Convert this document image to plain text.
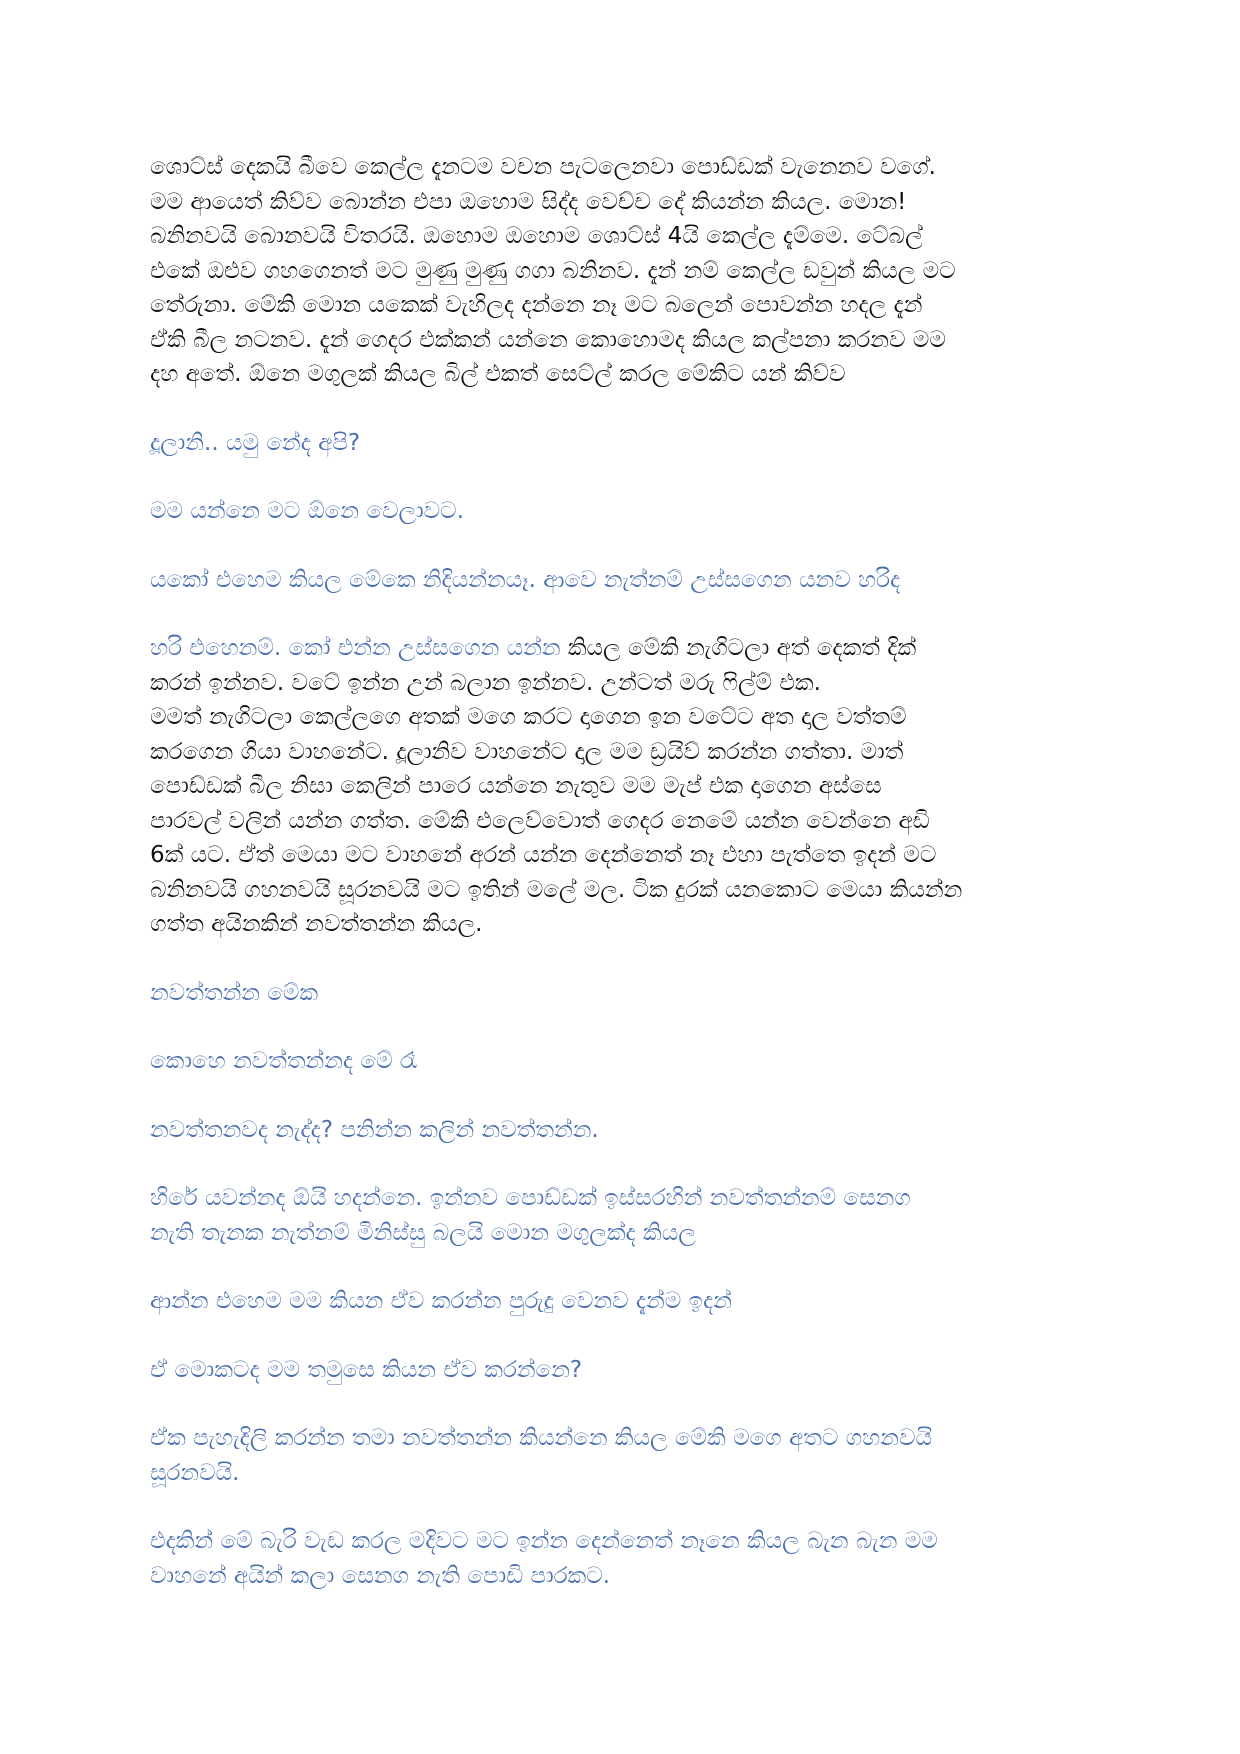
ශොට්ස් දෙකයි බීවෙ කෙල්ල දැනටම වචන පැටලෙනවා පොඩ්ඩක් වැනෙනව වගේ.
මම ආයෙත් කිව්ව බොන්න එපා ඔහොම සිද්ද වෙච්ච දේ කියන්න කියල. මොන!
බනිනවයි බොනවයි විතරයි. ඔහොම ඔහොම ශොට්ස් 4යි කෙල්ල දැම්මෙ. ටේබල්
එකේ ඔළුව ගහගෙනත් මට මුණු මුණු ගගා බනිනව. දැන් නම් කෙල්ල ඩවුන් කියල මට
තේරුනා. මේකි මොන යකෙක් වැහිලද දන්නෙ නෑ මට බලෙන් පොවන්න හදල දැන්
ඒකි බීල නටනව. දැන් ගෙදර එක්කන් යන්නෙ කොහොමද කියල කල්පනා කරනව මම
දහ අතේ. ඕනෙ මගුලක් කියල බිල් එකත් සෙට්ල් කරල මේකිට යන් කිව්ව

දූලානි.. යමු නේද අපි?

මම යන්නෙ මට ඕනෙ වෙලාවට.

යකෝ එහෙම කියල මේකෙ නිදියන්නයෑ. ආවෙ නැත්නම් උස්සගෙන යනව හරිද

හරි එහෙනම්. කෝ එන්න උස්සගෙන යන්න කියල මේකි නැගිටලා අත් දෙකත් දික්
කරන් ඉන්නව. වටේ ඉන්න උන් බලාන ඉන්නව. උන්ටත් මරු ෆිල්ම් එක.
මමත් නැගිටලා කෙල්ලගෙ අතක් මගෙ කරට දාගෙන ඉන වටේට අත දාල වත්තම්
කරගෙන ගියා වාහනේට. දූලානිව වාහනේට දාල මම ඩ්‍රයිව් කරන්න ගත්තා. මාත්
පොඩ්ඩක් බීල නිසා කෙලින් පාරෙ යන්නෙ නැතුව මම මැප් එක දාගෙන අස්සෙ
පාරවල් වලින් යන්න ගත්ත. මේකි එලෙව්වොත් ගෙදර නෙමේ යන්න වෙන්නෙ අඩි
6ක් යට. ඒත් මෙයා මට වාහනේ අරන් යන්න දෙන්නෙත් නෑ එහා පැත්තෙ ඉදන් මට
බනිනවයි ගහනවයි සූරනවයි මට ඉතින් මලේ මල. ටික දුරක් යනකොට මෙයා කියන්න
ගත්ත අයිනකින් නවත්තන්න කියල.

නවත්තන්න මේක

කොහෙ නවත්තන්නද මේ රෑ

නවත්තනවද නැද්ද? පනින්න කලින් නවත්තන්න.

හිරේ යවන්නද ඕයි හදන්නෙ. ඉන්නව පොඩ්ඩක් ඉස්සරහින් නවත්තන්නම් සෙනග
නැති තැනක නැත්නම් මිනිස්සු බලයි මොන මගුලක්ද කියල

ආන්න එහෙම මම කියන ඒව කරන්න පුරුදු වෙනව දැන්ම ඉදන්

ඒ මොකටද මම තමුසෙ කියන ඒව කරන්නෙ?

ඒක පැහැදිලි කරන්න තමා නවත්තන්න කියන්නෙ කියල මේකි මගෙ අතට ගහනවයි
සූරනවයි.

එදකින් මේ බැරි වැඩ කරල මදිවට මට ඉන්න දෙන්නෙත් නෑනෙ කියල බැන බැන මම
වාහනේ අයින් කලා සෙනග නැති පොඩි පාරකට.
